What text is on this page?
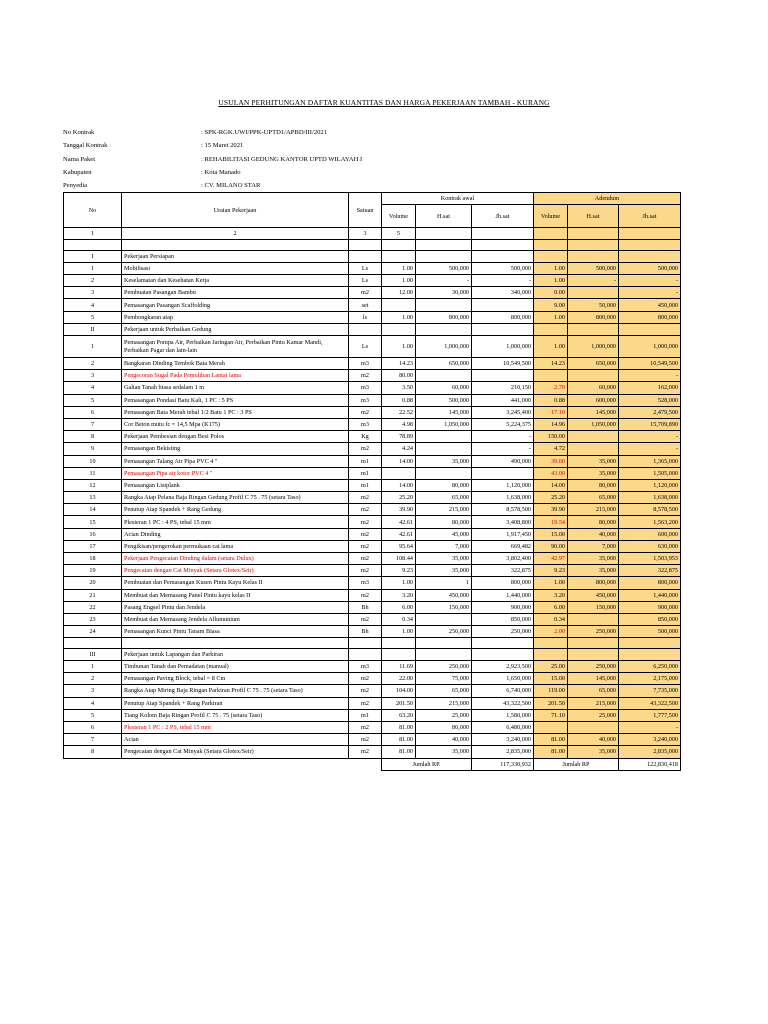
USULAN PERHITUNGAN DAFTAR KUANTITAS DAN HARGA PEKERJAAN TAMBAH - KURANG
No Kontrak	: SPK-RGK.UWI/PPK-UPTD1/APBD/III/2021
Tanggal Kontrak	: 15 Maret 2021
Nama Paket	: REHABILITASI GEDUNG KANTOR UPTD WILAYAH I
Kabupaten	: Kota Manado
Penyedia	: CV. MILANO STAR
No	Uraian Pekerjaan	Satuan	Kontrak awal			Adendum		
			Volume	H.sat	Jh.sat	Volume	H.sat	Jh.sat
1	2	3	5					

I	Pekerjaan Persiapan							
1	Mobilisasi	Ls	1.00	500,000	500,000	1.00	500,000	500,000
2	Keselamatan dan Kesehatan Kerja	Ls	1.00	-	-	1.00	-	-
3	Pembuatan Pasangan Bambu	m2	12.00	30,000	340,000	0.00		-
4	Pemasangan Pasangan Scaffolding	set				9.00	50,000	450,000
5	Pembongkaran atap	ls	1.00	800,000	800,000	1.00	800,000	800,000
II	Pekerjaan untuk Perbaikan Gedung							
1	Pemasangan Pompa Air, Perbaikan Jaringan Air, Perbaikan Pintu Kamar Mandi, Perbaikan Pagar dan lain-lain	Ls	1.00	1,000,000	1,000,000	1.00	1,000,000	1,000,000
2	Bangkaran Dinding Tembok Bata Merah	m3	14.23	650,000	10,549,500	14.23	650,000	10,549,500
3	Pengecoran Sugal Pada Pemulihan Lantai lama	m2	80.00					-
4	Galian Tanah biasa sedalam 1 m	m3	3.50	60,000	210,150	2.70	60,000	162,000
5	Pemasangan Pondasi Batu Kali, 1 PC : 5 PS	m3	0.88	500,000	441,000	0.88	600,000	528,000
6	Pemasangan Bata Merah tebal 1/2 Batu 1 PC : 3 PS	m2	22.52	145,000	3,245,400	17.10	145,000	2,479,500
7	Cor Beton mutu fc = 14,5 Mpa (K175)	m3	4.98	1,050,000	5,224,375	14.96	1,050,000	15,709,890
8	Pekerjaan Pembesian dengan Besi Polos	Kg	78.89		-	150.00		-
9	Pemasangan Bekisting	m2	4.24		-	4.72		-
10	Pemasangan Talang Air Pipa PVC 4 "	m1	14.00	35,000	490,000	39.00	35,000	1,365,000
11	Pemasangan Pipa air kotor PVC 4 "	m1				43.00	35,000	1,505,000
12	Pemasangan Listplank	m1	14.00	80,000	1,120,000	14.00	80,000	1,120,000
13	Rangka Atap Pelana Baja Ringan Gedung Profil C 75 . 75 (setara Taso)	m2	25.20	65,000	1,638,000	25.20	65,000	1,638,000
14	Penutup Atap Spandek + Rang Gedung	m2	39.90	215,000	8,578,500	39.90	215,000	8,578,500
15	Plesteran 1 PC : 4 PS, tebal 15 mm	m2	42.61	80,000	3,408,800	19.54	80,000	1,563,200
16	Acian Dinding	m2	42.61	45,000	1,917,450	15.00	40,000	600,000
17	Pengikisan/pengerokan permukaan cat lama	m2	95.64	7,000	669,482	90.00	7,000	630,000
18	Pekerjaan Pengecatan Dinding dalam (setara Dulux)	m2	108.44	35,000	3,802,400	42.97	35,000	1,503,953
19	Pengecatan dengan Cat Minyak (Setara Glotex/Seir)	m2	9.23	35,000	322,875	9.23	35,000	322,875
20	Pembuatan dan Pemasangan Kusen Pintu Kayu Kelas II	m3	1.00	1	800,000	1.00	800,000	800,000
21	Membuat dan Memasang Panel Pintu kayu kelas II	m2	3.20	450,000	1,440,000	3.20	450,000	1,440,000
22	Pasang Engsel Pintu dan Jendela	Bh	6.00	150,000	900,000	6.00	150,000	900,000
23	Membuat dan Memasang Jendela Allumunium	m2	0.34		850,000	0.34		850,000
24	Pemasangan Kunci Pintu Tanam Biasa	Bh	1.00	250,000	250,000	2.00	250,000	500,000

III	Pekerjaan untuk Lapangan dan Parkiran							
1	Timbunan Tanah dan Pemadatan (manual)	m3	11.69	250,000	2,923,500	25.00	250,000	6,250,000
2	Pemasangan Paving Block, tebal = 8 Cm	m2	22.00	75,000	1,650,000	15.00	145,000	2,175,000
3	Rangka Atap Miring Baja Ringan Parkiran Profil C 75 . 75 (setara Taso)	m2	104.00	65,000	6,740,000	119.00	65,000	7,735,000
4	Penutup Atap Spandek + Rang Parkiran	m2	201.50	215,000	43,322,500	201.50	215,000	43,322,500
5	Tiang Kolom Baja Ringan Profil C 75 . 75 (setara Taso)	m1	63.20	25,000	1,580,000	71.10	25,000	1,777,500
6	Plesteran 1 PC : 2 PS, tebal 15 mm	m2	81.00	80,000	6,480,000			-
7	Acian	m2	81.00	40,000	3,240,000	81.00	40,000	3,240,000
8	Pengecatan dengan Cat Minyak (Setara Glotex/Seir)	m2	81.00	35,000	2,835,000	81.00	35,000	2,835,000
			Jumlah RP.		117,330,932	Jumlah RP		122,830,418
